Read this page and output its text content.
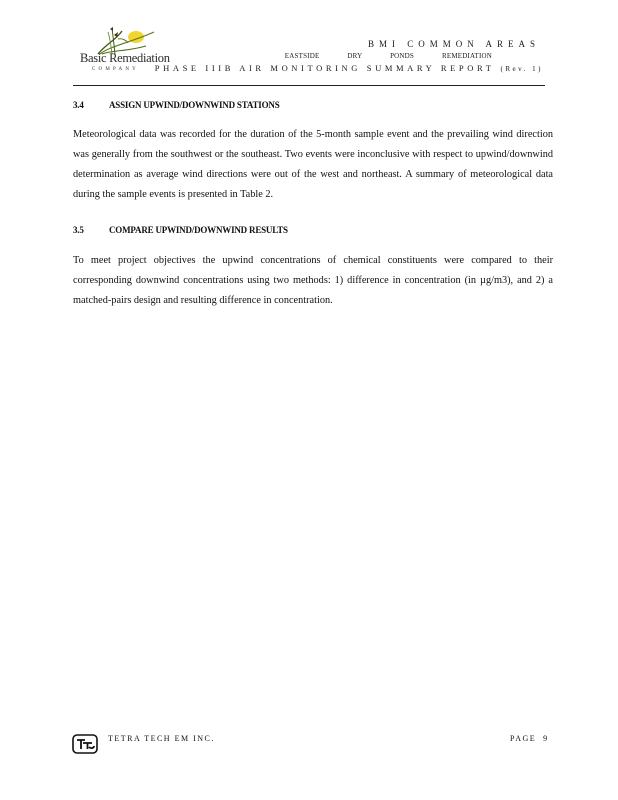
Basic Remediation
COMPANY
BMI COMMON AREAS
EASTSIDE DRY PONDS REMEDIATION
PHASE IIIB AIR MONITORING SUMMARY REPORT (Rev. 1)
3.4	ASSIGN UPWIND/DOWNWIND STATIONS

Meteorological data was recorded for the duration of the 5-month sample event and the prevailing wind direction was generally from the southwest or the southeast. Two events were inconclusive with respect to upwind/downwind determination as average wind directions were out of the west and northeast. A summary of meteorological data during the sample events is presented in Table 2.

3.5	COMPARE UPWIND/DOWNWIND RESULTS

To meet project objectives the upwind concentrations of chemical constituents were compared to their corresponding downwind concentrations using two methods: 1) difference in concentration (in µg/m3), and 2) a matched-pairs design and resulting difference in concentration.

TETRA TECH EM INC.	PAGE 9
